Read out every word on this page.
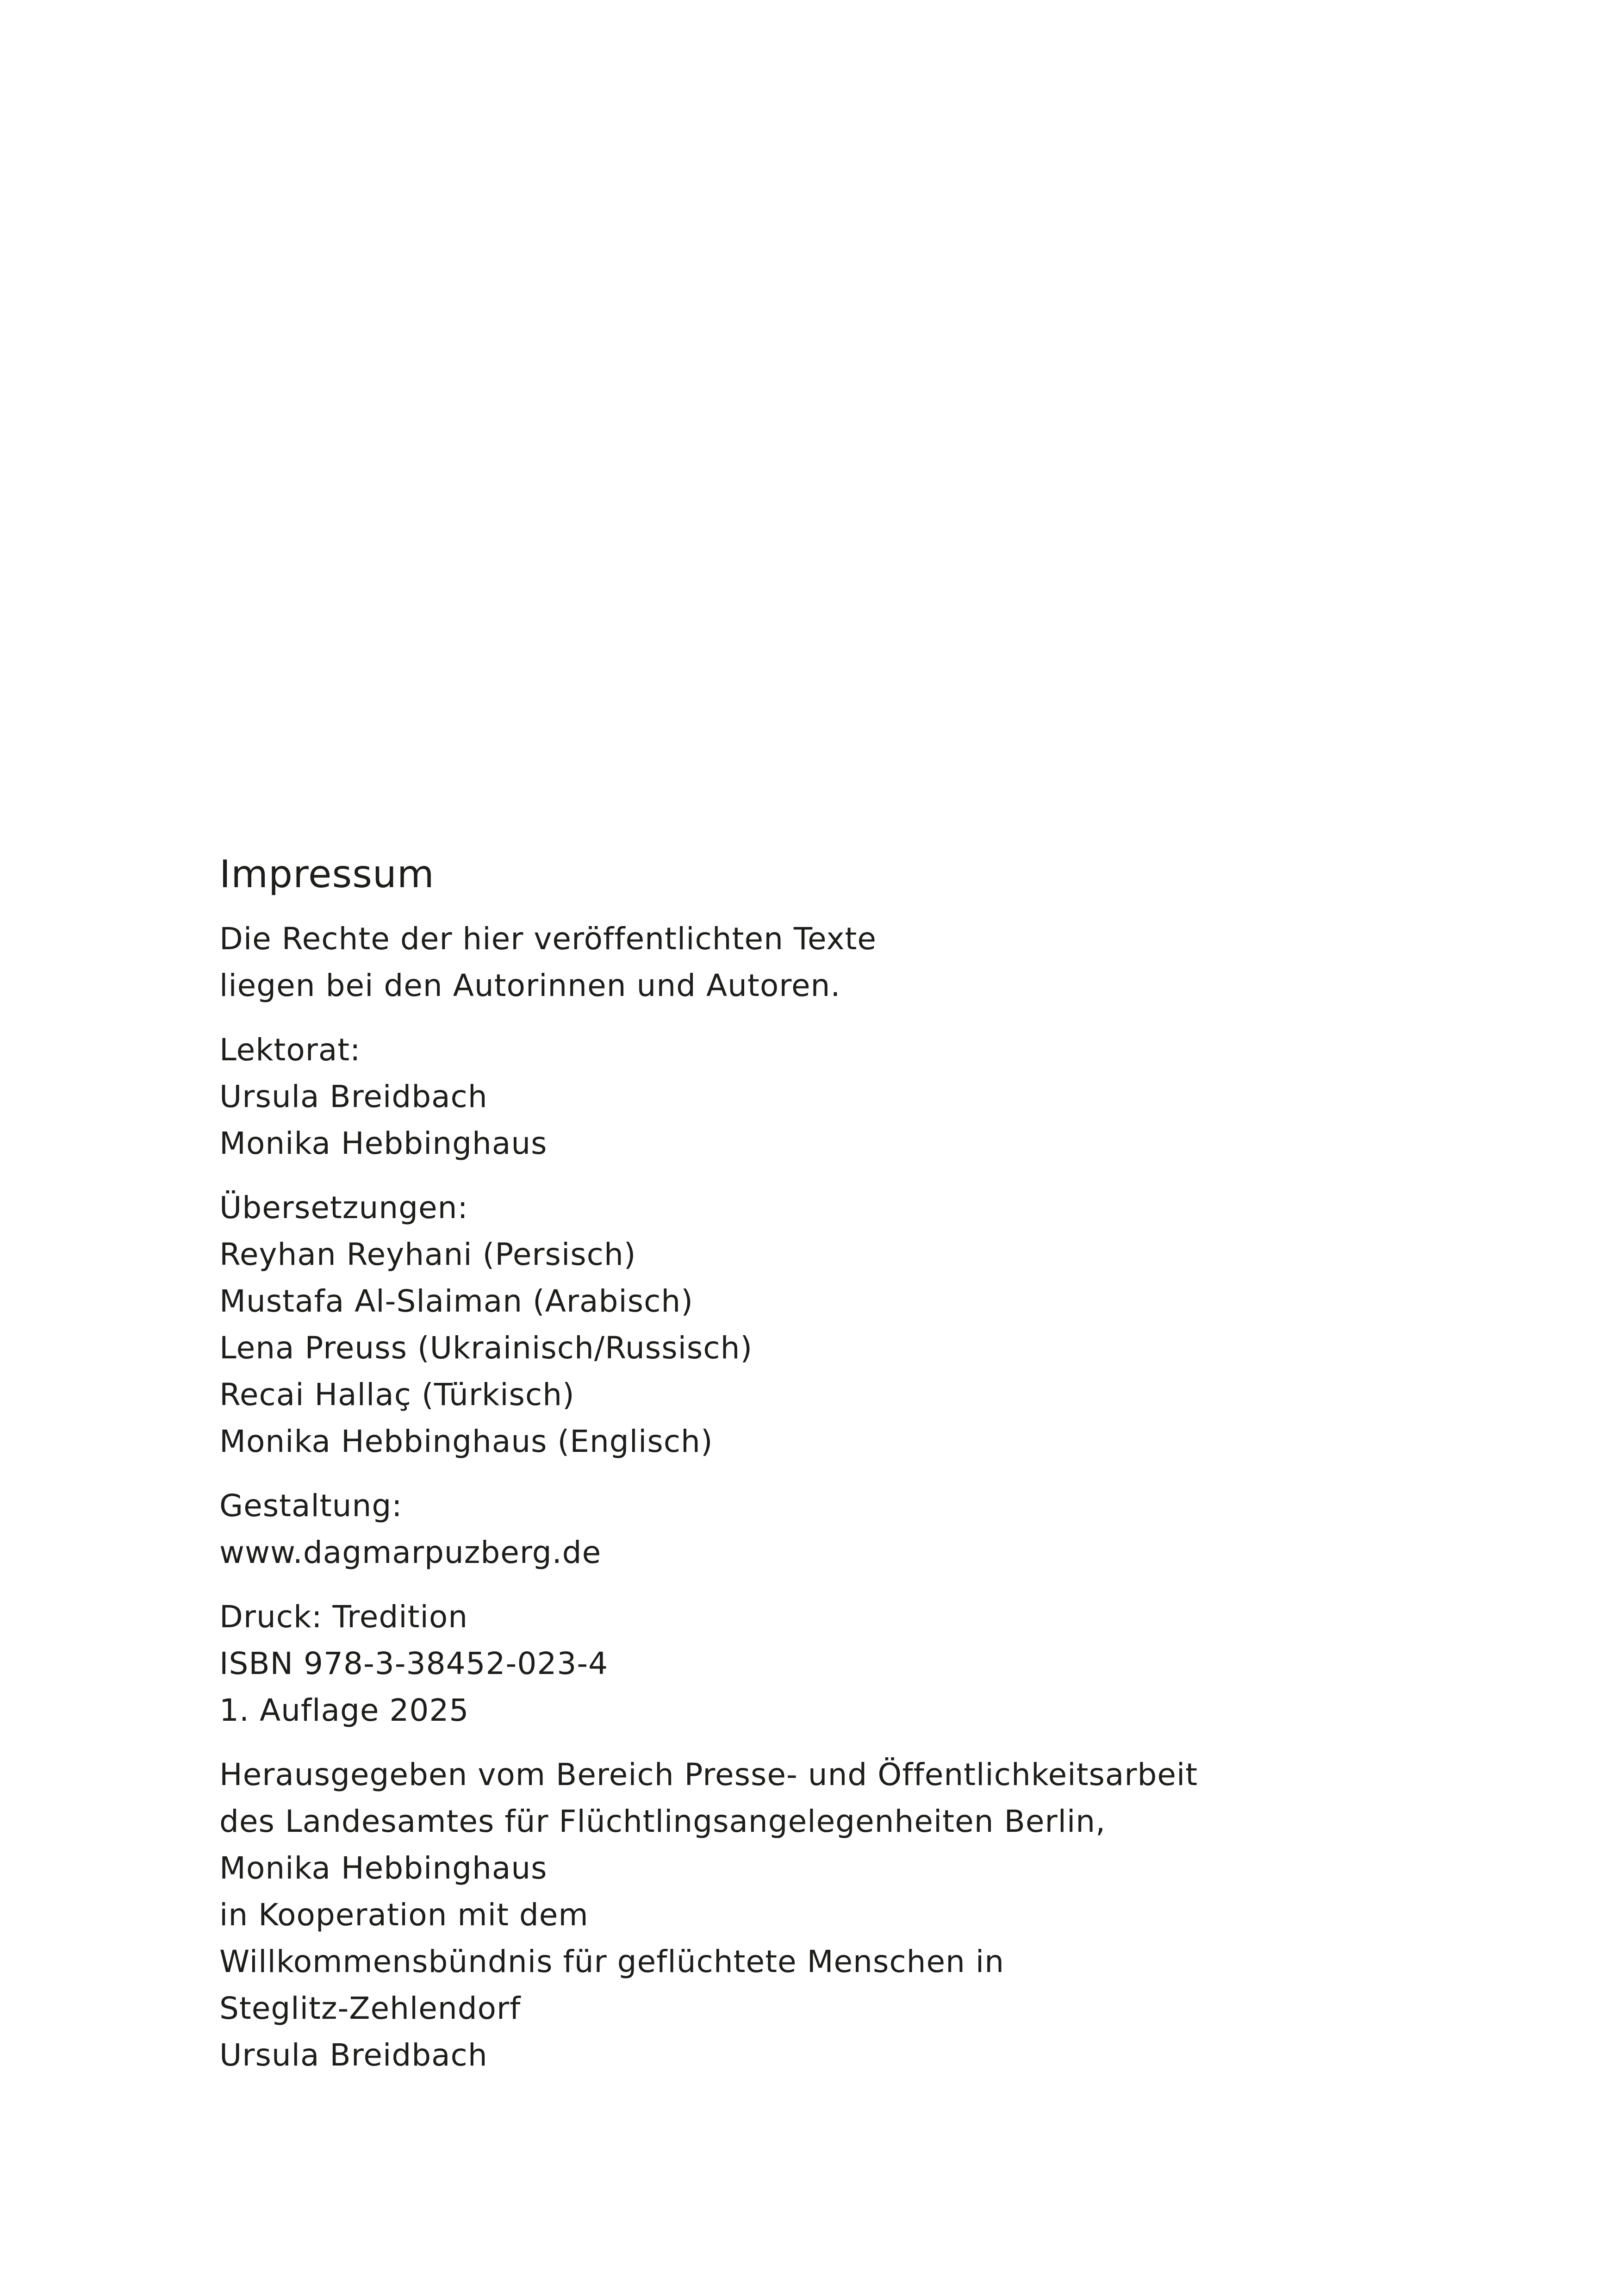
Impressum
Die Rechte der hier veröffentlichten Texte
liegen bei den Autorinnen und Autoren.
Lektorat:
Ursula Breidbach
Monika Hebbinghaus
Übersetzungen:
Reyhan Reyhani (Persisch)
Mustafa Al-Slaiman (Arabisch)
Lena Preuss (Ukrainisch/Russisch)
Recai Hallaç (Türkisch)
Monika Hebbinghaus (Englisch)
Gestaltung:
www.dagmarpuzberg.de
Druck: Tredition
ISBN 978-3-38452-023-4
1. Auflage 2025
Herausgegeben vom Bereich Presse- und Öffentlichkeitsarbeit
des Landesamtes für Flüchtlingsangelegenheiten Berlin,
Monika Hebbinghaus
in Kooperation mit dem
Willkommensbündnis für geflüchtete Menschen in
Steglitz-Zehlendorf
Ursula Breidbach
